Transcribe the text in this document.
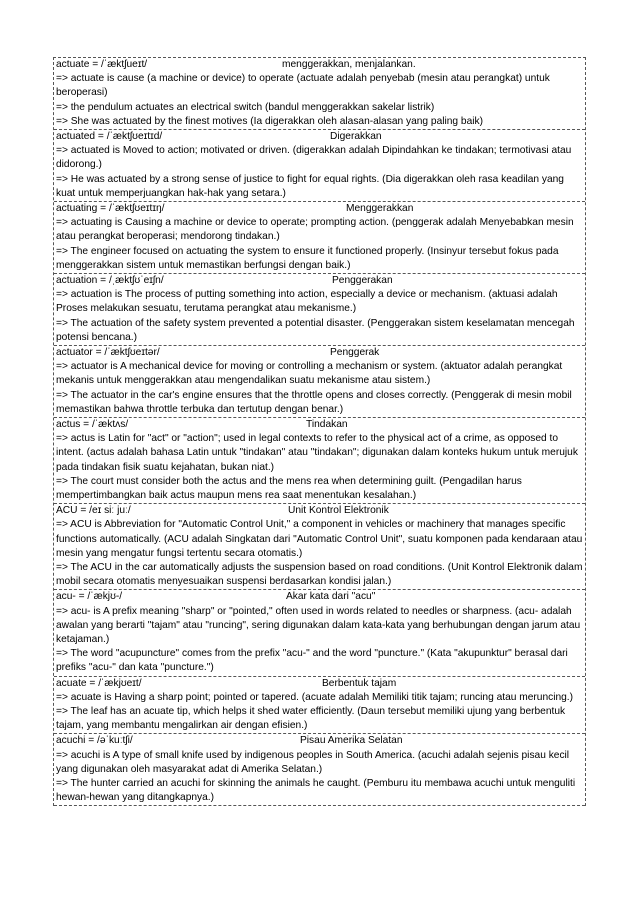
actuate = /ˈæktʃueɪt/	menggerakkan, menjalankan.

=> actuate is cause (a machine or device) to operate (actuate adalah penyebab (mesin atau perangkat) untuk beroperasi)

=> the pendulum actuates an electrical switch (bandul menggerakkan sakelar listrik)

=> She was actuated by the finest motives (Ia digerakkan oleh alasan-alasan yang paling baik)

actuated = /ˈæktʃʊeɪtɪd/	Digerakkan

=> actuated is Moved to action; motivated or driven. (digerakkan adalah Dipindahkan ke tindakan; termotivasi atau didorong.)

=> He was actuated by a strong sense of justice to fight for equal rights. (Dia digerakkan oleh rasa keadilan yang kuat untuk memperjuangkan hak-hak yang setara.)

actuating = /ˈæktʃʊeɪtɪŋ/	Menggerakkan

=> actuating is Causing a machine or device to operate; prompting action. (penggerak adalah Menyebabkan mesin atau perangkat beroperasi; mendorong tindakan.)

=> The engineer focused on actuating the system to ensure it functioned properly. (Insinyur tersebut fokus pada menggerakkan sistem untuk memastikan berfungsi dengan baik.)

actuation = /ˌæktʃʊˈeɪʃn/	Penggerakan

=> actuation is The process of putting something into action, especially a device or mechanism. (aktuasi adalah Proses melakukan sesuatu, terutama perangkat atau mekanisme.)

=> The actuation of the safety system prevented a potential disaster. (Penggerakan sistem keselamatan mencegah potensi bencana.)

actuator = /ˈæktʃʊeɪtər/	Penggerak

=> actuator is A mechanical device for moving or controlling a mechanism or system. (aktuator adalah perangkat mekanis untuk menggerakkan atau mengendalikan suatu mekanisme atau sistem.)

=> The actuator in the car's engine ensures that the throttle opens and closes correctly. (Penggerak di mesin mobil memastikan bahwa throttle terbuka dan tertutup dengan benar.)

actus = /ˈæktʌs/	Tindakan

=> actus is Latin for "act" or "action"; used in legal contexts to refer to the physical act of a crime, as opposed to intent. (actus adalah bahasa Latin untuk "tindakan" atau "tindakan"; digunakan dalam konteks hukum untuk merujuk pada tindakan fisik suatu kejahatan, bukan niat.)

=> The court must consider both the actus and the mens rea when determining guilt. (Pengadilan harus mempertimbangkan baik actus maupun mens rea saat menentukan kesalahan.)

ACU = /eɪ siː juː/	Unit Kontrol Elektronik

=> ACU is Abbreviation for "Automatic Control Unit," a component in vehicles or machinery that manages specific functions automatically. (ACU adalah Singkatan dari "Automatic Control Unit", suatu komponen pada kendaraan atau mesin yang mengatur fungsi tertentu secara otomatis.)

=> The ACU in the car automatically adjusts the suspension based on road conditions. (Unit Kontrol Elektronik dalam mobil secara otomatis menyesuaikan suspensi berdasarkan kondisi jalan.)

acu- = /ˈækjʊ-/	Akar kata dari "acu"

=> acu- is A prefix meaning "sharp" or "pointed," often used in words related to needles or sharpness. (acu- adalah awalan yang berarti "tajam" atau "runcing", sering digunakan dalam kata-kata yang berhubungan dengan jarum atau ketajaman.)

=> The word "acupuncture" comes from the prefix "acu-" and the word "puncture." (Kata "akupunktur" berasal dari prefiks "acu-" dan kata "puncture.")

acuate = /ˈækjʊeɪt/	Berbentuk tajam

=> acuate is Having a sharp point; pointed or tapered. (acuate adalah Memiliki titik tajam; runcing atau meruncing.)

=> The leaf has an acuate tip, which helps it shed water efficiently. (Daun tersebut memiliki ujung yang berbentuk tajam, yang membantu mengalirkan air dengan efisien.)

acuchi = /əˈkuːtʃi/	Pisau Amerika Selatan

=> acuchi is A type of small knife used by indigenous peoples in South America. (acuchi adalah sejenis pisau kecil yang digunakan oleh masyarakat adat di Amerika Selatan.)

=> The hunter carried an acuchi for skinning the animals he caught. (Pemburu itu membawa acuchi untuk menguliti hewan-hewan yang ditangkapnya.)
